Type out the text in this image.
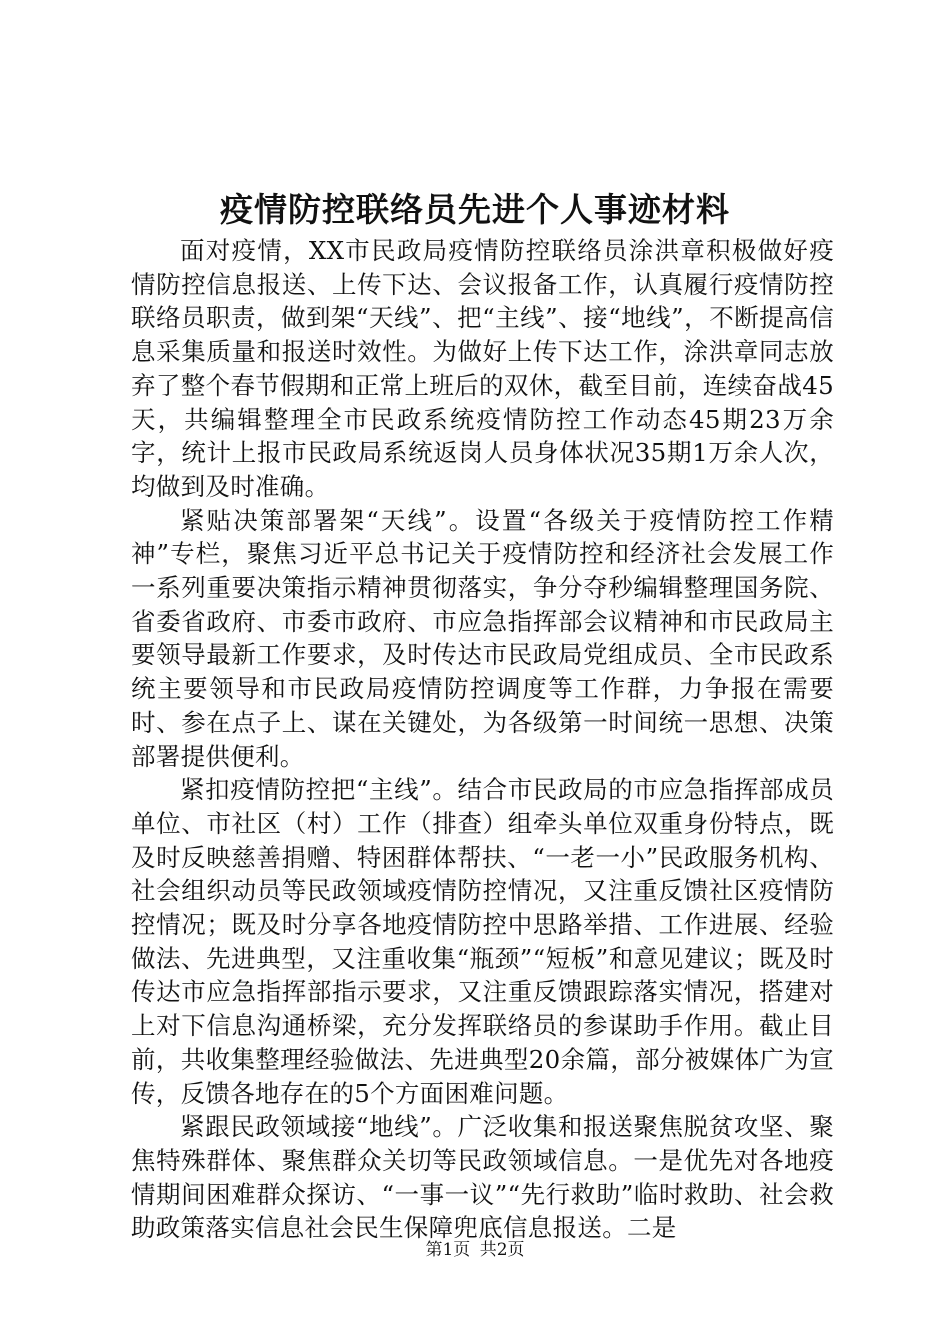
疫情防控联络员先进个人事迹材料

面对疫情，XX市民政局疫情防控联络员涂洪章积极做好疫情防控信息报送、上传下达、会议报备工作，认真履行疫情防控联络员职责，做到架“天线”、把“主线”、接“地线”，不断提高信息采集质量和报送时效性。为做好上传下达工作，涂洪章同志放弃了整个春节假期和正常上班后的双休，截至目前，连续奋战45天，共编辑整理全市民政系统疫情防控工作动态45期23万余字，统计上报市民政局系统返岗人员身体状况35期1万余人次，均做到及时准确。

紧贴决策部署架“天线”。设置“各级关于疫情防控工作精神”专栏，聚焦习近平总书记关于疫情防控和经济社会发展工作一系列重要决策指示精神贯彻落实，争分夺秒编辑整理国务院、省委省政府、市委市政府、市应急指挥部会议精神和市民政局主要领导最新工作要求，及时传达市民政局党组成员、全市民政系统主要领导和市民政局疫情防控调度等工作群，力争报在需要时、参在点子上、谋在关键处，为各级第一时间统一思想、决策部署提供便利。

紧扣疫情防控把“主线”。结合市民政局的市应急指挥部成员单位、市社区（村）工作（排查）组牵头单位双重身份特点，既及时反映慈善捐赠、特困群体帮扶、“一老一小”民政服务机构、社会组织动员等民政领域疫情防控情况，又注重反馈社区疫情防控情况；既及时分享各地疫情防控中思路举措、工作进展、经验做法、先进典型，又注重收集“瓶颈”“短板”和意见建议；既及时传达市应急指挥部指示要求，又注重反馈跟踪落实情况，搭建对上对下信息沟通桥梁，充分发挥联络员的参谋助手作用。截止目前，共收集整理经验做法、先进典型20余篇，部分被媒体广为宣传，反馈各地存在的5个方面困难问题。

紧跟民政领域接“地线”。广泛收集和报送聚焦脱贫攻坚、聚焦特殊群体、聚焦群众关切等民政领域信息。一是优先对各地疫情期间困难群众探访、“一事一议”“先行救助”临时救助、社会救助政策落实信息社会民生保障兜底信息报送。二是

第1页 共2页
